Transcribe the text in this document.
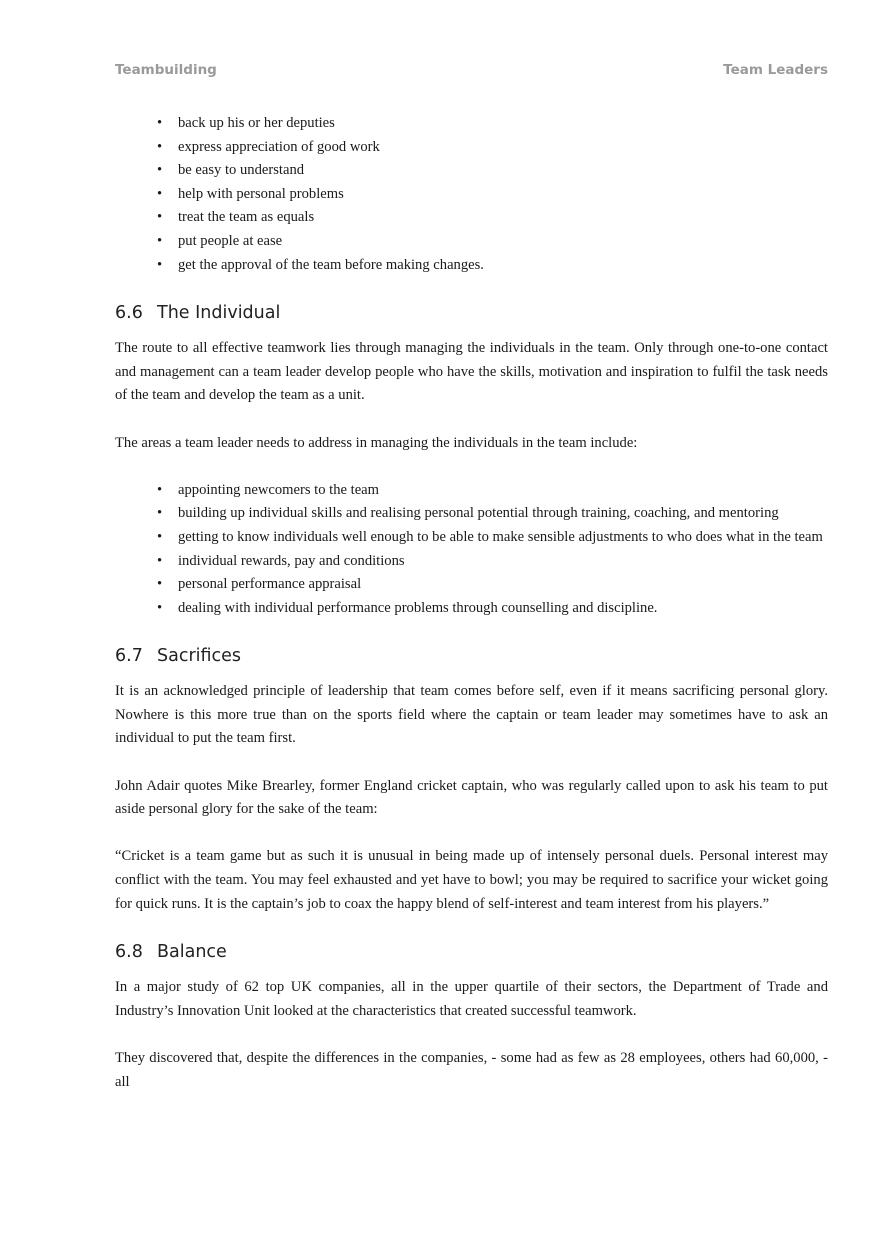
Teambuilding	Team Leaders
• back up his or her deputies
• express appreciation of good work
• be easy to understand
• help with personal problems
• treat the team as equals
• put people at ease
• get the approval of the team before making changes.
6.6 The Individual

The route to all effective teamwork lies through managing the individuals in the team. Only through one-to-one contact and management can a team leader develop people who have the skills, motivation and inspiration to fulfil the task needs of the team and develop the team as a unit.

The areas a team leader needs to address in managing the individuals in the team include:

• appointing newcomers to the team
• building up individual skills and realising personal potential through training, coaching, and mentoring
• getting to know individuals well enough to be able to make sensible adjustments to who does what in the team
• individual rewards, pay and conditions
• personal performance appraisal
• dealing with individual performance problems through counselling and discipline.
6.7 Sacrifices

It is an acknowledged principle of leadership that team comes before self, even if it means sacrificing personal glory. Nowhere is this more true than on the sports field where the captain or team leader may sometimes have to ask an individual to put the team first.

John Adair quotes Mike Brearley, former England cricket captain, who was regularly called upon to ask his team to put aside personal glory for the sake of the team:

“Cricket is a team game but as such it is unusual in being made up of intensely personal duels. Personal interest may conflict with the team. You may feel exhausted and yet have to bowl; you may be required to sacrifice your wicket going for quick runs. It is the captain’s job to coax the happy blend of self-interest and team interest from his players.”

6.8 Balance

In a major study of 62 top UK companies, all in the upper quartile of their sectors, the Department of Trade and Industry’s Innovation Unit looked at the characteristics that created successful teamwork.

They discovered that, despite the differences in the companies, - some had as few as 28 employees, others had 60,000, - all
